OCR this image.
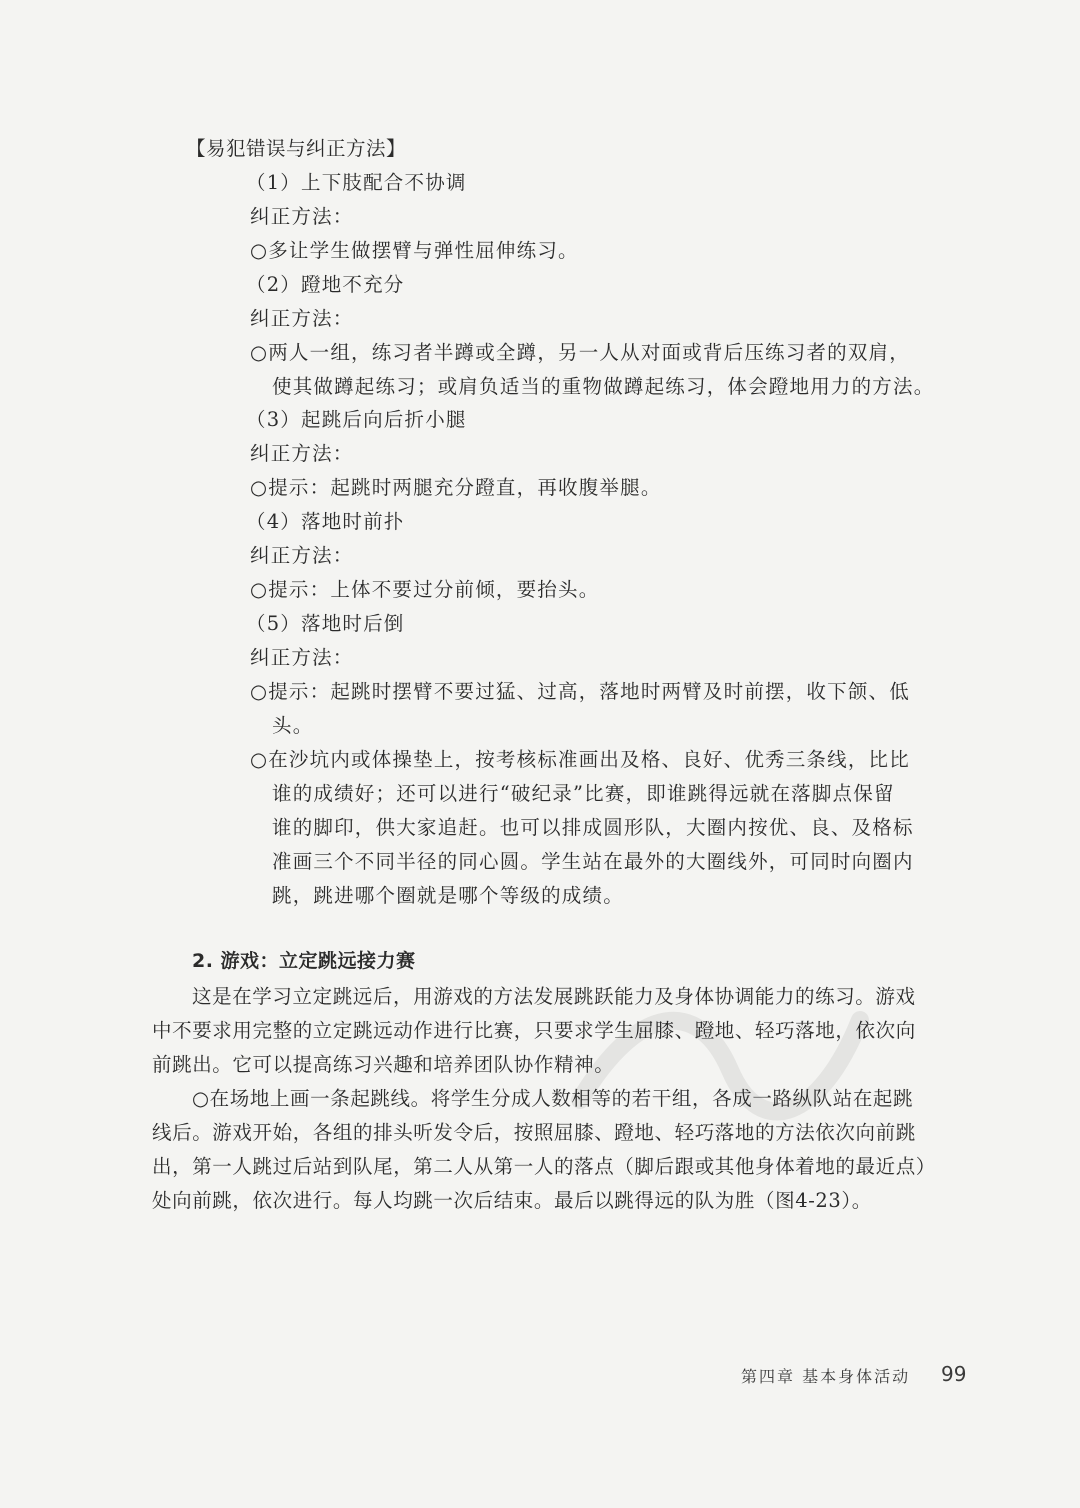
【易犯错误与纠正方法】
（1）上下肢配合不协调
纠正方法：
○多让学生做摆臂与弹性屈伸练习。
（2）蹬地不充分
纠正方法：
○两人一组，练习者半蹲或全蹲，另一人从对面或背后压练习者的双肩，
使其做蹲起练习；或肩负适当的重物做蹲起练习，体会蹬地用力的方法。
（3）起跳后向后折小腿
纠正方法：
○提示：起跳时两腿充分蹬直，再收腹举腿。
（4）落地时前扑
纠正方法：
○提示：上体不要过分前倾，要抬头。
（5）落地时后倒
纠正方法：
○提示：起跳时摆臂不要过猛、过高，落地时两臂及时前摆，收下颌、低
头。
○在沙坑内或体操垫上，按考核标准画出及格、良好、优秀三条线，比比
谁的成绩好；还可以进行“破纪录”比赛，即谁跳得远就在落脚点保留
谁的脚印，供大家追赶。也可以排成圆形队，大圈内按优、良、及格标
准画三个不同半径的同心圆。学生站在最外的大圈线外，可同时向圈内
跳，跳进哪个圈就是哪个等级的成绩。
2. 游戏：立定跳远接力赛
这是在学习立定跳远后，用游戏的方法发展跳跃能力及身体协调能力的练习。游戏
中不要求用完整的立定跳远动作进行比赛，只要求学生屈膝、蹬地、轻巧落地，依次向
前跳出。它可以提高练习兴趣和培养团队协作精神。
○在场地上画一条起跳线。将学生分成人数相等的若干组，各成一路纵队站在起跳
线后。游戏开始，各组的排头听发令后，按照屈膝、蹬地、轻巧落地的方法依次向前跳
出，第一人跳过后站到队尾，第二人从第一人的落点（脚后跟或其他身体着地的最近点）
处向前跳，依次进行。每人均跳一次后结束。最后以跳得远的队为胜（图4-23）。
第四章 基本身体活动 99
